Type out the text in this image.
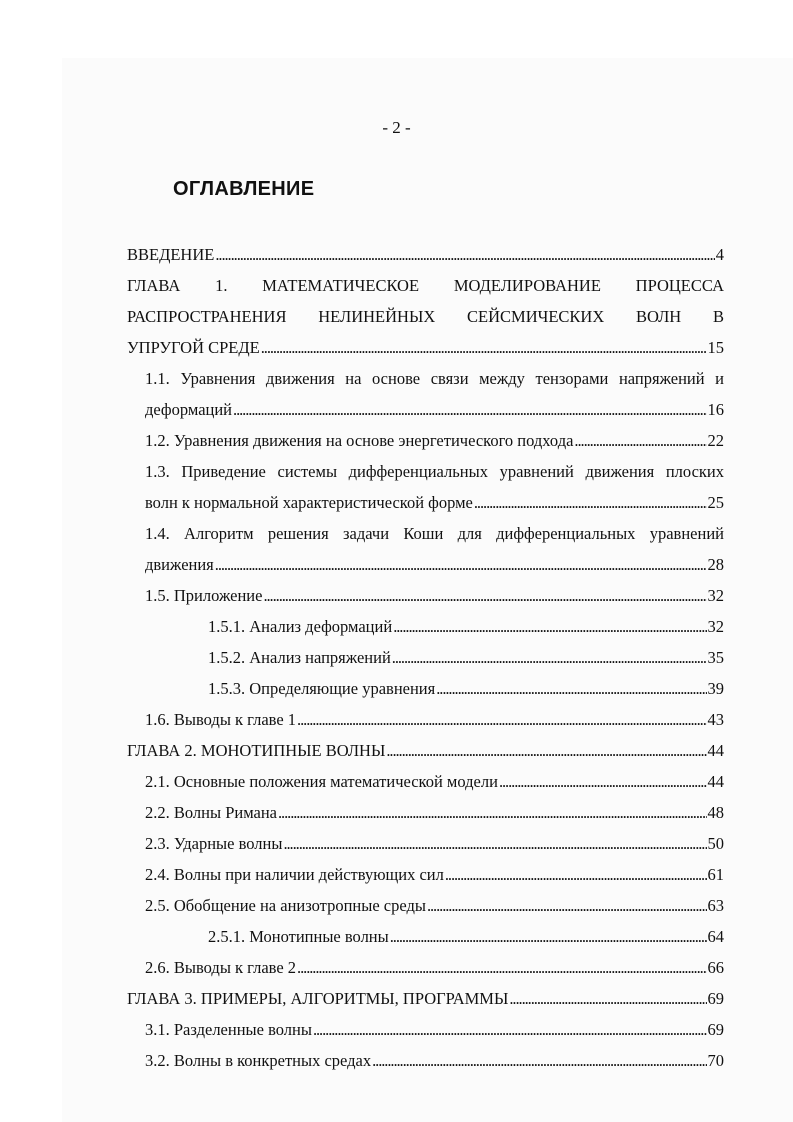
- 2 -
ОГЛАВЛЕНИЕ
ВВЕДЕНИЕ . . .	4
ГЛАВА 1. МАТЕМАТИЧЕСКОЕ МОДЕЛИРОВАНИЕ ПРОЦЕССА
РАСПРОСТРАНЕНИЯ НЕЛИНЕЙНЫХ СЕЙСМИЧЕСКИХ ВОЛН В
УПРУГОЙ СРЕДЕ . . .	15
1.1. Уравнения движения на основе связи между тензорами напряжений и
деформаций . . .	16
1.2. Уравнения движения на основе энергетического подхода . . .	22
1.3. Приведение системы дифференциальных уравнений движения плоских
волн к нормальной характеристической форме . . .	25
1.4. Алгоритм решения задачи Коши для дифференциальных уравнений
движения . . .	28
1.5. Приложение . . .	32
1.5.1. Анализ деформаций . . .	32
1.5.2. Анализ напряжений . . .	35
1.5.3. Определяющие уравнения . . .	39
1.6. Выводы к главе 1 . . .	43
ГЛАВА 2. МОНОТИПНЫЕ ВОЛНЫ . . .	44
2.1. Основные положения математической модели . . .	44
2.2. Волны Римана . . .	48
2.3. Ударные волны . . .	50
2.4. Волны при наличии действующих сил . . .	61
2.5. Обобщение на анизотропные среды . . .	63
2.5.1. Монотипные волны . . .	64
2.6. Выводы к главе 2 . . .	66
ГЛАВА 3. ПРИМЕРЫ, АЛГОРИТМЫ, ПРОГРАММЫ . . .	69
3.1. Разделенные волны . . .	69
3.2. Волны в конкретных средах . . .	70
